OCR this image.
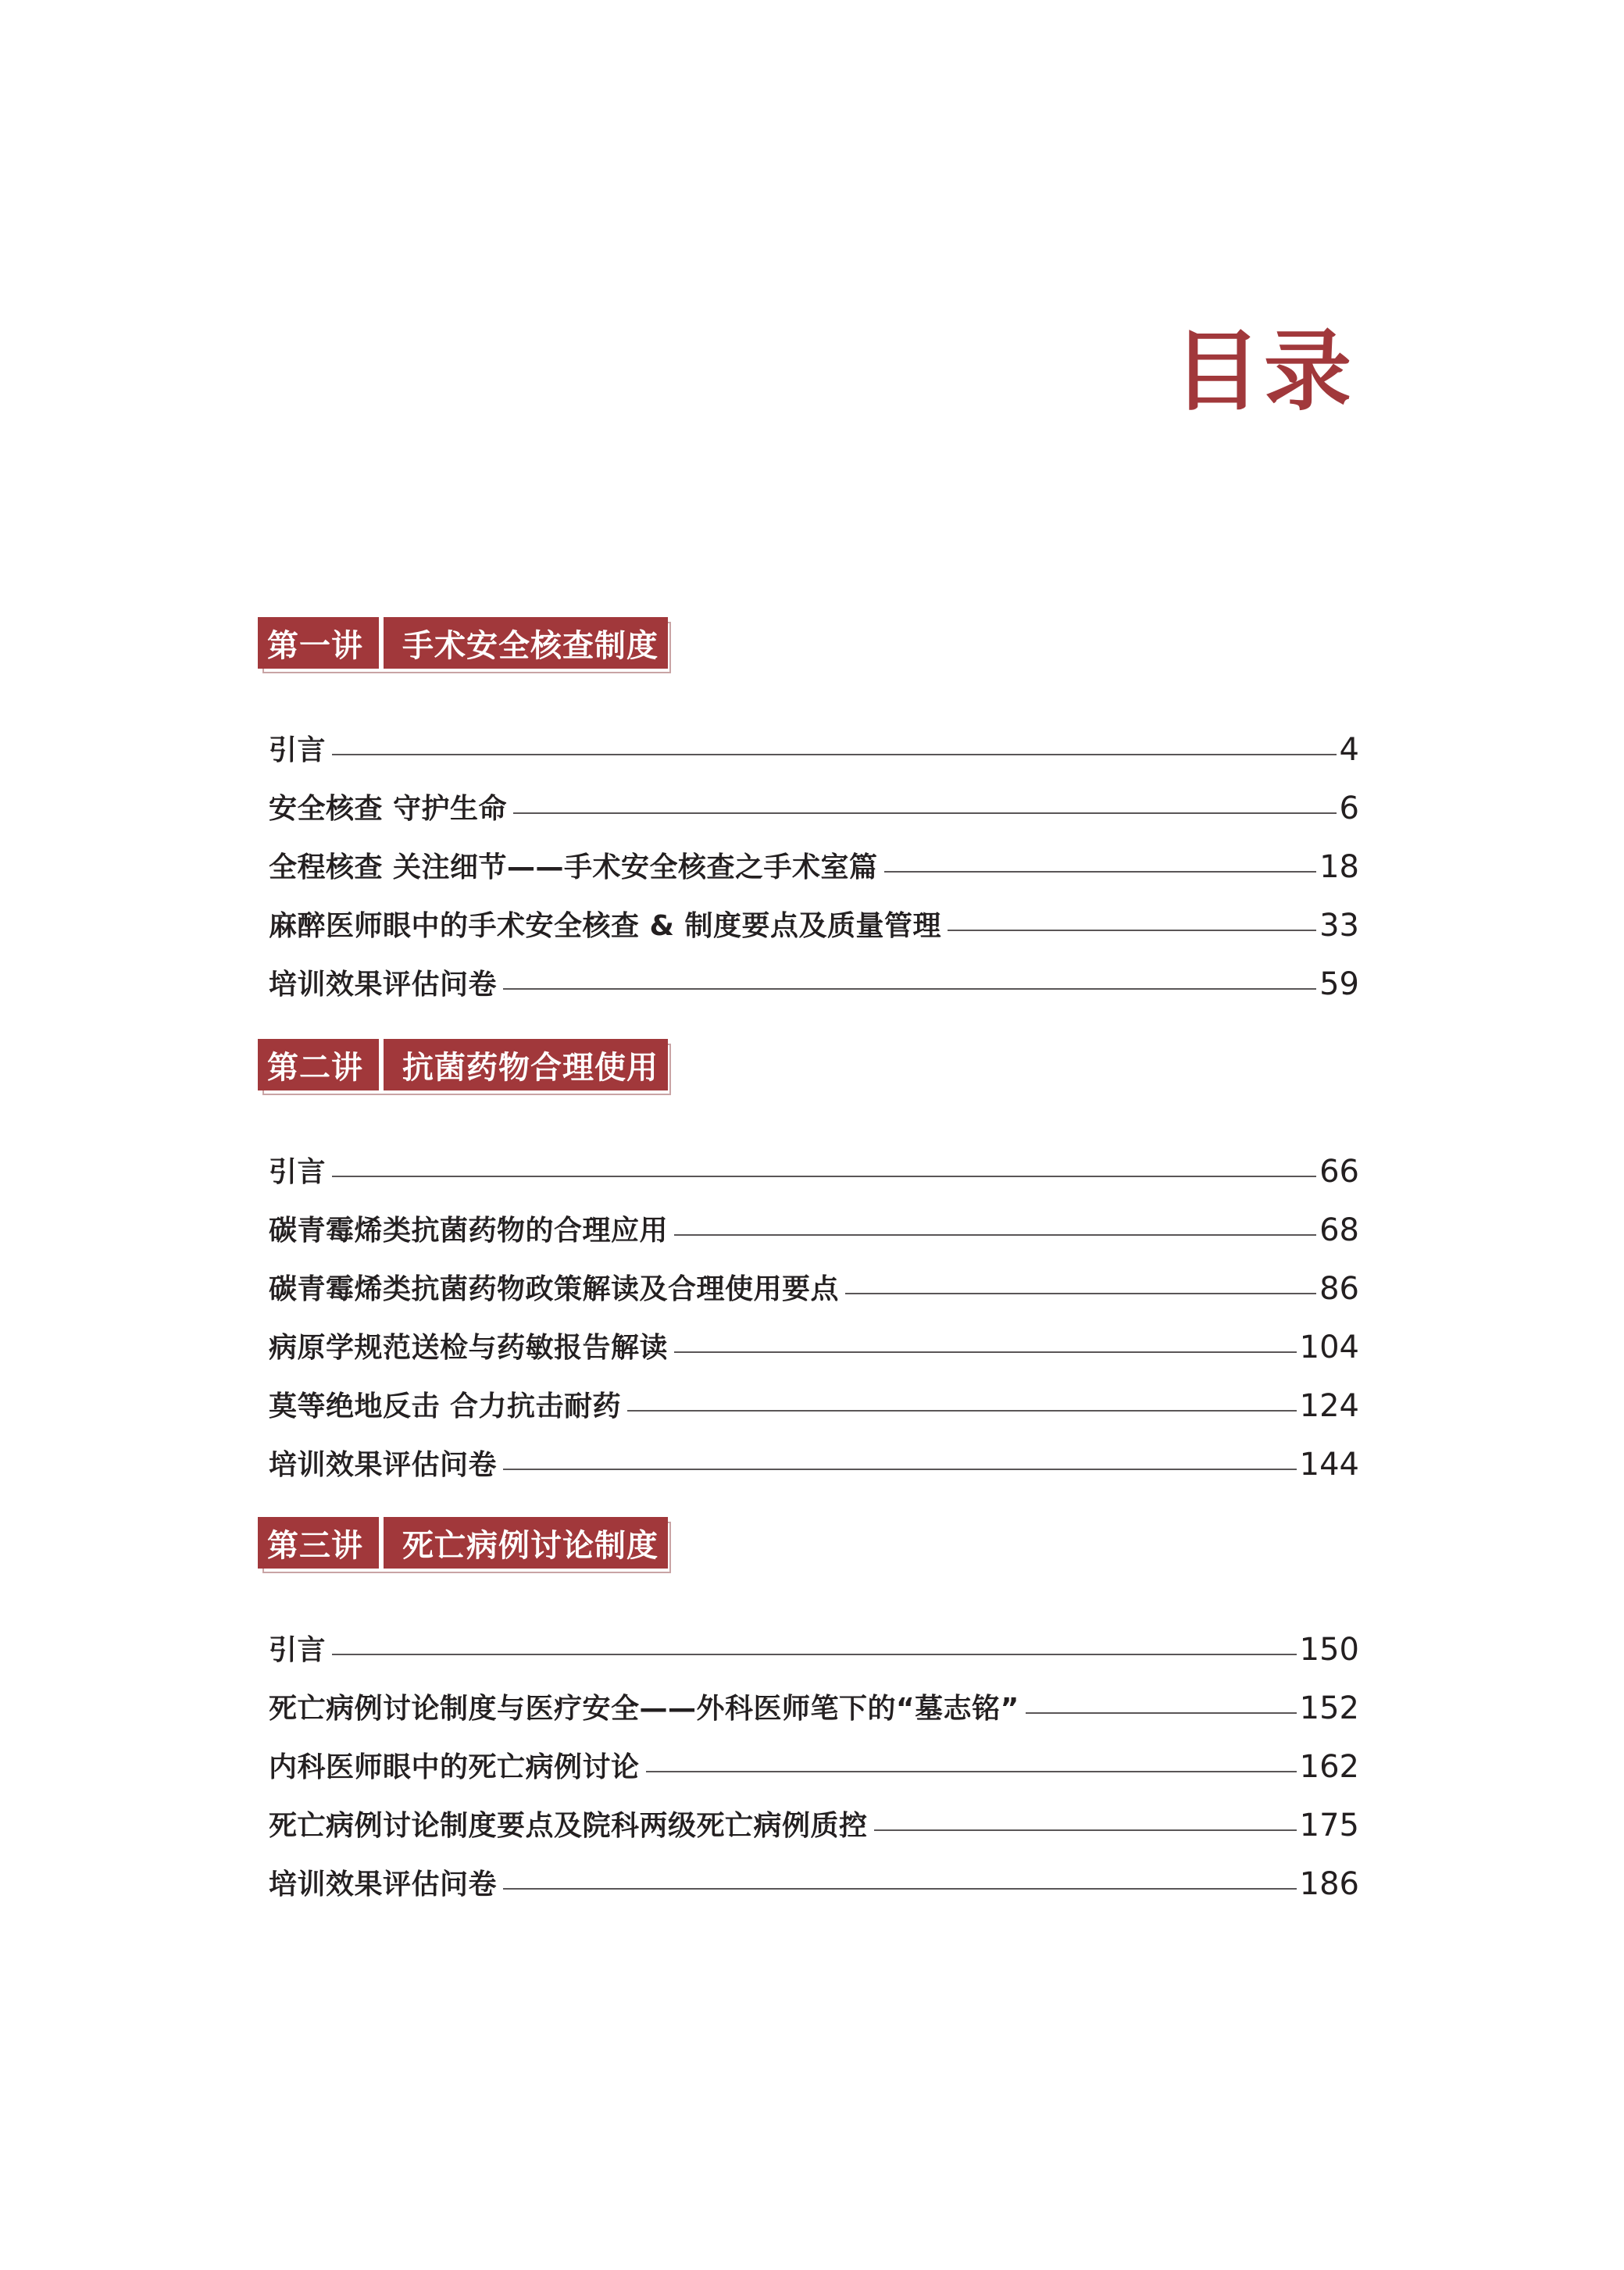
目录
第一讲	手术安全核查制度
引言	4
安全核查 守护生命	6
全程核查 关注细节——手术安全核查之手术室篇	18
麻醉医师眼中的手术安全核查 & 制度要点及质量管理	33
培训效果评估问卷	59
第二讲	抗菌药物合理使用
引言	66
碳青霉烯类抗菌药物的合理应用	68
碳青霉烯类抗菌药物政策解读及合理使用要点	86
病原学规范送检与药敏报告解读	104
莫等绝地反击 合力抗击耐药	124
培训效果评估问卷	144
第三讲	死亡病例讨论制度
引言	150
死亡病例讨论制度与医疗安全——外科医师笔下的“墓志铭”	152
内科医师眼中的死亡病例讨论	162
死亡病例讨论制度要点及院科两级死亡病例质控	175
培训效果评估问卷	186
